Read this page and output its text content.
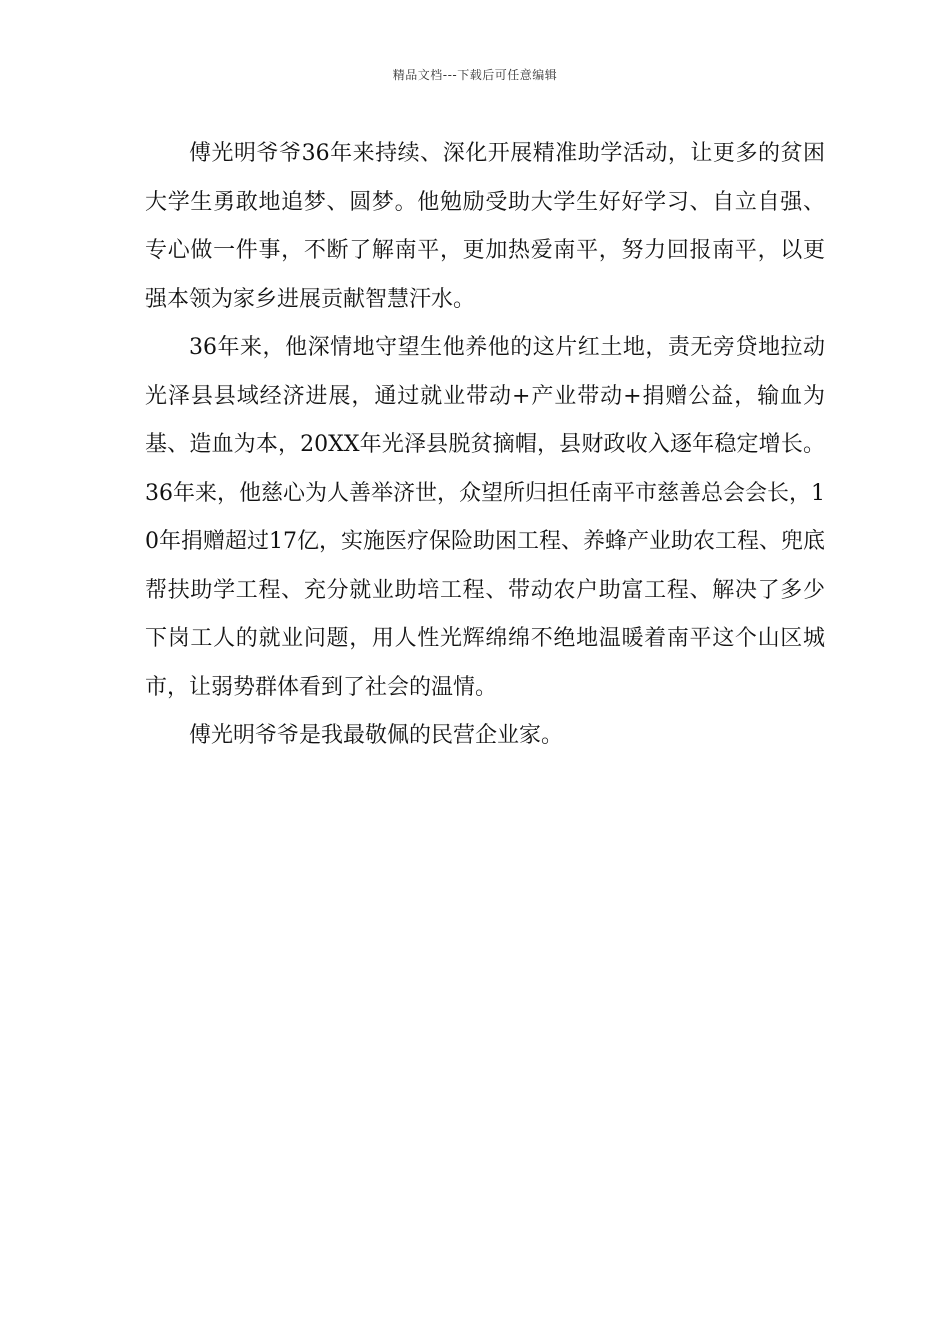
精品文档---下载后可任意编辑

傅光明爷爷36年来持续、深化开展精准助学活动，让更多的贫困大学生勇敢地追梦、圆梦。他勉励受助大学生好好学习、自立自强、专心做一件事，不断了解南平，更加热爱南平，努力回报南平，以更强本领为家乡进展贡献智慧汗水。

36年来，他深情地守望生他养他的这片红土地，责无旁贷地拉动光泽县县域经济进展，通过就业带动+产业带动+捐赠公益，输血为基、造血为本，20XX年光泽县脱贫摘帽，县财政收入逐年稳定增长。36年来，他慈心为人善举济世，众望所归担任南平市慈善总会会长，10年捐赠超过17亿，实施医疗保险助困工程、养蜂产业助农工程、兜底帮扶助学工程、充分就业助培工程、带动农户助富工程、解决了多少下岗工人的就业问题，用人性光辉绵绵不绝地温暖着南平这个山区城市，让弱势群体看到了社会的温情。

傅光明爷爷是我最敬佩的民营企业家。
